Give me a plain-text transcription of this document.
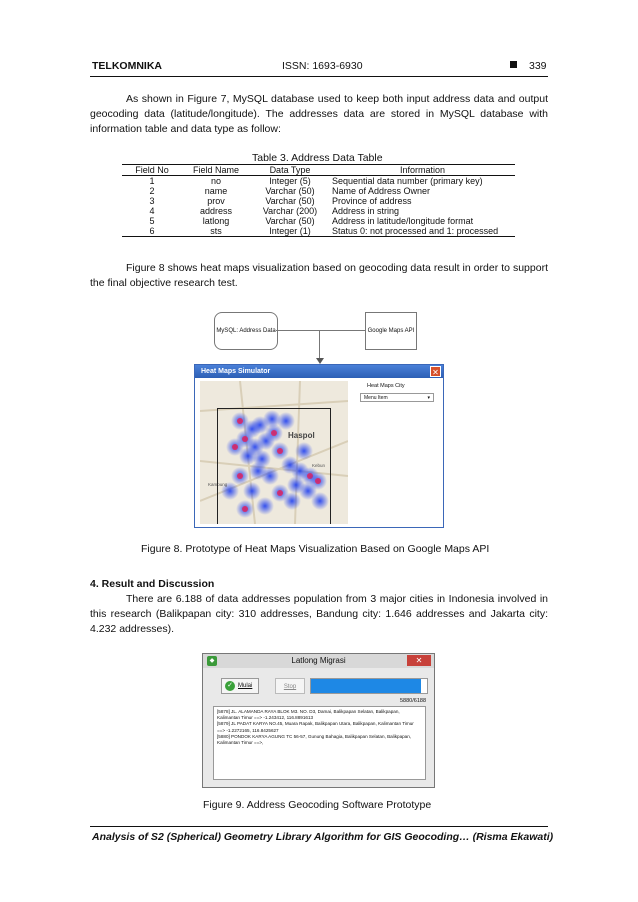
TELKOMNIKA	ISSN: 1693-6930	339
As shown in Figure 7, MySQL database used to keep both input address data and output geocoding data (latitude/longitude). The addresses data are stored in MySQL database with information table and data type as follow:
Table 3. Address Data Table
Field No	Field Name	Data Type	Information
1	no	Integer (5)	Sequential data number (primary key)
2	name	Varchar (50)	Name of Address Owner
3	prov	Varchar (50)	Province of address
4	address	Varchar (200)	Address in string
5	latlong	Varchar (50)	Address in latitude/longitude format
6	sts	Integer (1)	Status 0: not processed and 1: processed
Figure 8 shows heat maps visualization based on geocoding data result in order to support the final objective research test.
MySQL: Address Data	Google Maps API
Heat Maps Simulator	✕
Haspol
Kampung
Kebun
Heat Maps City
Menu Item	▾
Figure 8. Prototype of Heat Maps Visualization Based on Google Maps API
4. Result and Discussion
There are 6.188 of data addresses population from 3 major cities in Indonesia involved in this research (Balikpapan city: 310 addresses, Bandung city: 1.646 addresses and Jakarta city: 4.232 addresses).
Latlong Migrasi
◆	✕
✓ Mulai	Stop
5880/6188
[5878] JL. ALAMANDA RAYA BLOK M3. NO. D3, Damai, Balikpapan Selatan, Balikpapan, Kalimantan Timur ==> -1.243412, 116.8891613
[5879] JL PADAT KARYA NO.45, Muara Rapak, Balikpapan Utara, Balikpapan, Kalimantan Timur ==> -1.2272165, 116.8425627
[5880] PONDOK KARYA AGUNG TC 56-57, Gunung Bahagia, Balikpapan Selatan, Balikpapan, Kalimantan Timur ==>,
Figure 9. Address Geocoding Software Prototype
Analysis of S2 (Spherical) Geometry Library Algorithm for GIS Geocoding… (Risma Ekawati)
